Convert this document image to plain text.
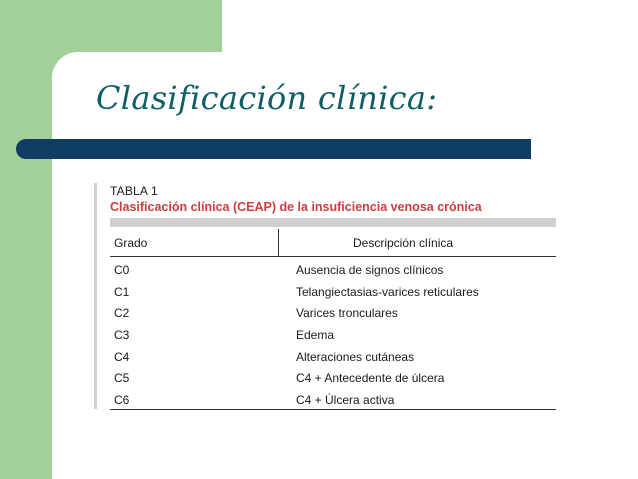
Clasificación clínica:
TABLA 1
Clasificación clínica (CEAP) de la insuficiencia venosa crónica
Grado	Descripción clínica
C0	Ausencia de signos clínicos
C1	Telangiectasias-varices reticulares
C2	Varices tronculares
C3	Edema
C4	Alteraciones cutáneas
C5	C4 + Antecedente de úlcera
C6	C4 + Úlcera activa
